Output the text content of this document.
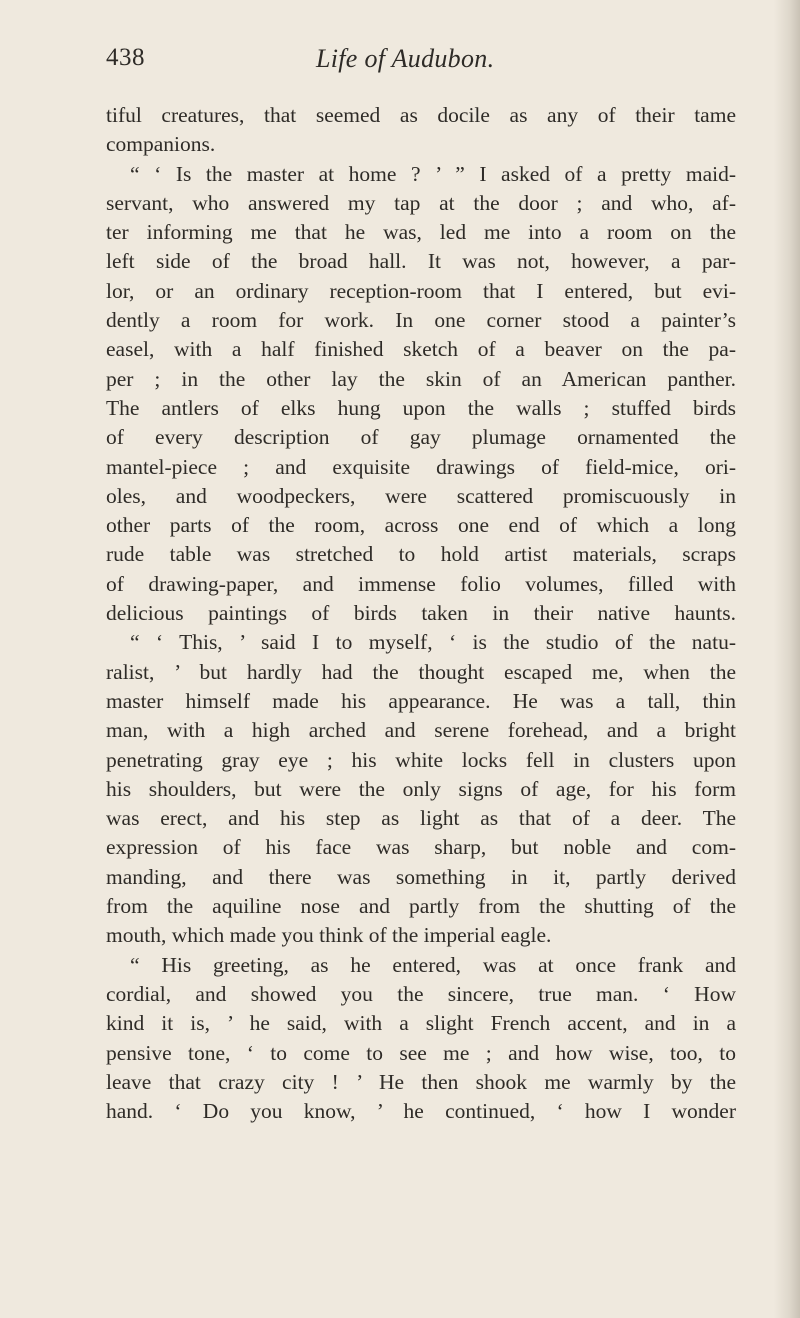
438	Life of Audubon.
tiful creatures, that seemed as docile as any of their tame
companions.
“ ‘ Is the master at home ? ’ ” I asked of a pretty maid-
servant, who answered my tap at the door ; and who, af-
ter informing me that he was, led me into a room on the
left side of the broad hall. It was not, however, a par-
lor, or an ordinary reception-room that I entered, but evi-
dently a room for work. In one corner stood a painter’s
easel, with a half finished sketch of a beaver on the pa-
per ; in the other lay the skin of an American panther.
The antlers of elks hung upon the walls ; stuffed birds
of every description of gay plumage ornamented the
mantel-piece ; and exquisite drawings of field-mice, ori-
oles, and woodpeckers, were scattered promiscuously in
other parts of the room, across one end of which a long
rude table was stretched to hold artist materials, scraps
of drawing-paper, and immense folio volumes, filled with
delicious paintings of birds taken in their native haunts.
“ ‘ This, ’ said I to myself, ‘ is the studio of the natu-
ralist, ’ but hardly had the thought escaped me, when the
master himself made his appearance. He was a tall, thin
man, with a high arched and serene forehead, and a bright
penetrating gray eye ; his white locks fell in clusters upon
his shoulders, but were the only signs of age, for his form
was erect, and his step as light as that of a deer. The
expression of his face was sharp, but noble and com-
manding, and there was something in it, partly derived
from the aquiline nose and partly from the shutting of the
mouth, which made you think of the imperial eagle.
“ His greeting, as he entered, was at once frank and
cordial, and showed you the sincere, true man. ‘ How
kind it is, ’ he said, with a slight French accent, and in a
pensive tone, ‘ to come to see me ; and how wise, too, to
leave that crazy city ! ’ He then shook me warmly by the
hand. ‘ Do you know, ’ he continued, ‘ how I wonder
